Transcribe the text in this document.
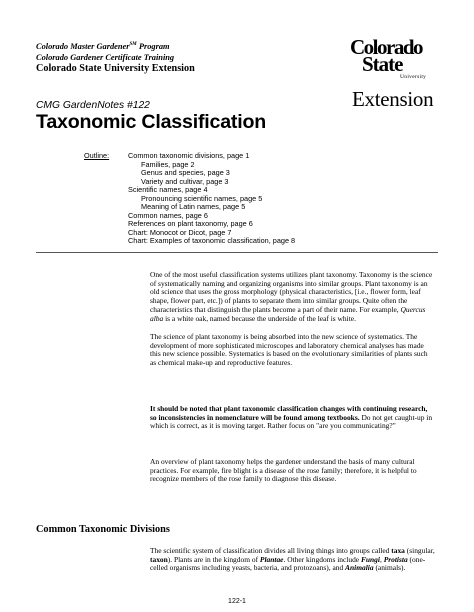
Colorado Master Gardener℠ Program
Colorado Gardener Certificate Training
Colorado State University Extension
Colorado
State
University
Extension
CMG GardenNotes #122
Taxonomic Classification
Outline:	Common taxonomic divisions, page 1
Families, page 2
Genus and species, page 3
Variety and cultivar, page 3
Scientific names, page 4
Pronouncing scientific names, page 5
Meaning of Latin names, page 5
Common names, page 6
References on plant taxonomy, page 6
Chart: Monocot or Dicot, page 7
Chart: Examples of taxonomic classification, page 8

One of the most useful classification systems utilizes plant taxonomy. Taxonomy is the science of systematically naming and organizing organisms into similar groups. Plant taxonomy is an old science that uses the gross morphology (physical characteristics, [i.e., flower form, leaf shape, flower part, etc.]) of plants to separate them into similar groups. Quite often the characteristics that distinguish the plants become a part of their name. For example, Quercus alba is a white oak, named because the underside of the leaf is white.

The science of plant taxonomy is being absorbed into the new science of systematics. The development of more sophisticated microscopes and laboratory chemical analyses has made this new science possible. Systematics is based on the evolutionary similarities of plants such as chemical make-up and reproductive features.

It should be noted that plant taxonomic classification changes with continuing research, so inconsistencies in nomenclature will be found among textbooks. Do not get caught-up in which is correct, as it is moving target. Rather focus on "are you communicating?"

An overview of plant taxonomy helps the gardener understand the basis of many cultural practices. For example, fire blight is a disease of the rose family; therefore, it is helpful to recognize members of the rose family to diagnose this disease.

Common Taxonomic Divisions

The scientific system of classification divides all living things into groups called taxa (singular, taxon). Plants are in the kingdom of Plantae. Other kingdoms include Fungi, Protista (one-celled organisms including yeasts, bacteria, and protozoans), and Animalia (animals).

122-1
